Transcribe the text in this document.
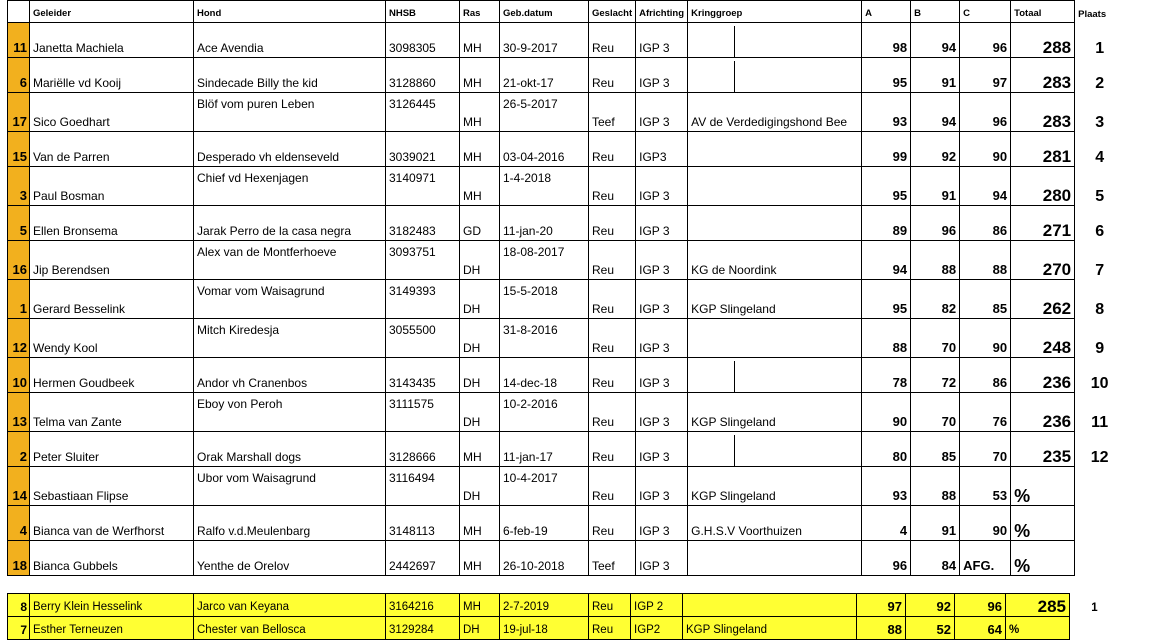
	Geleider	Hond	NHSB	Ras	Geb.datum	Geslacht	Africhting	Kringgroep	A	B	C	Totaal	Plaats
11	Janetta Machiela	Ace Avendia	3098305	MH	30-9-2017	Reu	IGP 3		98	94	96	288	1
6	Mariëlle vd Kooij	Sindecade Billy the kid	3128860	MH	21-okt-17	Reu	IGP 3		95	91	97	283	2
17	Sico Goedhart	Blöf vom puren Leben	3126445	MH	26-5-2017	Teef	IGP 3	AV de Verdedigingshond Bee	93	94	96	283	3
15	Van de Parren	Desperado vh eldenseveld	3039021	MH	03-04-2016	Reu	IGP3		99	92	90	281	4
3	Paul Bosman	Chief vd Hexenjagen	3140971	MH	1-4-2018	Reu	IGP 3		95	91	94	280	5
5	Ellen Bronsema	Jarak Perro de la casa negra	3182483	GD	11-jan-20	Reu	IGP 3		89	96	86	271	6
16	Jip Berendsen	Alex van de Montferhoeve	3093751	DH	18-08-2017	Reu	IGP 3	KG de Noordink	94	88	88	270	7
1	Gerard Besselink	Vomar vom Waisagrund	3149393	DH	15-5-2018	Reu	IGP 3	KGP Slingeland	95	82	85	262	8
12	Wendy Kool	Mitch Kiredesja	3055500	DH	31-8-2016	Reu	IGP 3		88	70	90	248	9
10	Hermen Goudbeek	Andor vh Cranenbos	3143435	DH	14-dec-18	Reu	IGP 3		78	72	86	236	10
13	Telma van Zante	Eboy von Peroh	3111575	DH	10-2-2016	Reu	IGP 3	KGP Slingeland	90	70	76	236	11
2	Peter Sluiter	Orak Marshall dogs	3128666	MH	11-jan-17	Reu	IGP 3		80	85	70	235	12
14	Sebastiaan Flipse	Ubor vom Waisagrund	3116494	DH	10-4-2017	Reu	IGP 3	KGP Slingeland	93	88	53	%	
4	Bianca van de Werfhorst	Ralfo v.d.Meulenbarg	3148113	MH	6-feb-19	Reu	IGP 3	G.H.S.V Voorthuizen	4	91	90	%	
18	Bianca Gubbels	Yenthe de Orelov	2442697	MH	26-10-2018	Teef	IGP 3		96	84	AFG.	%	
8	Berry Klein Hesselink	Jarco van Keyana	3164216	MH	2-7-2019	Reu	IGP 2		97	92	96	285	1
7	Esther Terneuzen	Chester van Bellosca	3129284	DH	19-jul-18	Reu	IGP2	KGP Slingeland	88	52	64	%	
